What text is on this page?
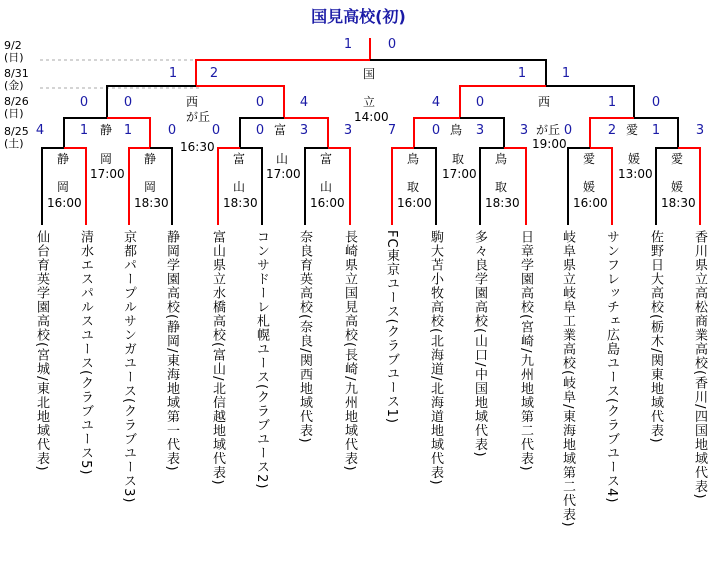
国見高校(初)
9/2
(日)
8/31
(金)
8/26
(日)
8/25
(土)
1	0
国
立
14:00
1	2	1	1
西
が丘
16:30
西
が丘
19:00
0	0	0	4	4	0	1	0
4	1 静 1	0	0	0 富 3	3	7	0 鳥 3	3	0	2 愛 1	3
岡
17:00
山
17:00
取
17:00
媛
13:00
静
岡
16:00
静
岡
18:30
富
山
18:30
富
山
16:00
鳥
取
16:00
鳥
取
18:30
愛
媛
16:00
愛
媛
18:30
仙台育英学園高校(宮城/東北地域代表)
清水エスパルスユース(クラブユース5)
京都パープルサンガユース(クラブユース3)
静岡学園高校(静岡/東海地域第一代表)
富山県立水橋高校(富山/北信越地域代表)
コンサドーレ札幌ユース(クラブユース2)
奈良育英高校(奈良/関西地域代表)
長崎県立国見高校(長崎/九州地域代表)
FC東京ユース(クラブユース1)
駒大苫小牧高校(北海道/北海道地域代表)
多々良学園高校(山口/中国地域代表)
日章学園高校(宮崎/九州地域第二代表)
岐阜県立岐阜工業高校(岐阜/東海地域第二代表)
サンフレッチェ広島ユース(クラブユース4)
佐野日大高校(栃木/関東地域代表)
香川県立高松商業高校(香川/四国地域代表)
